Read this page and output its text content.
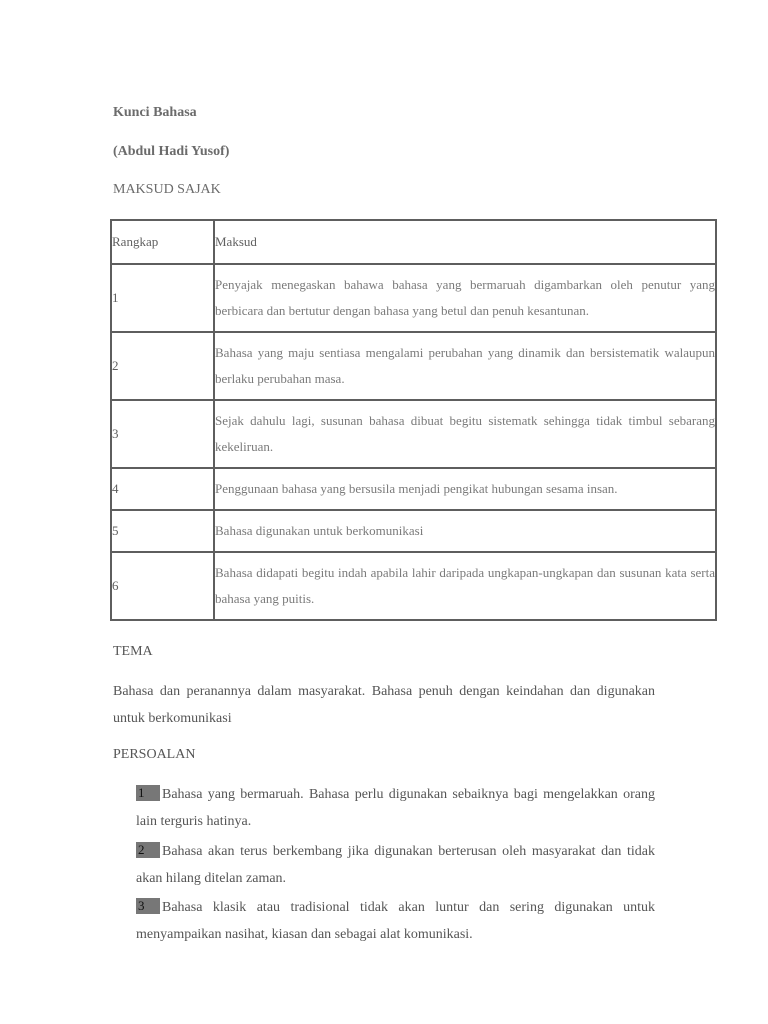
Kunci Bahasa
(Abdul Hadi Yusof)
MAKSUD SAJAK
Rangkap	Maksud
1	Penyajak menegaskan bahawa bahasa yang bermaruah digambarkan oleh penutur yang berbicara dan bertutur dengan bahasa yang betul dan penuh kesantunan.
2	Bahasa yang maju sentiasa mengalami perubahan yang dinamik dan bersistematik walaupun berlaku perubahan masa.
3	Sejak dahulu lagi, susunan bahasa dibuat begitu sistematk sehingga tidak timbul sebarang kekeliruan.
4	Penggunaan bahasa yang bersusila menjadi pengikat hubungan sesama insan.
5	Bahasa digunakan untuk berkomunikasi
6	Bahasa didapati begitu indah apabila lahir daripada ungkapan-ungkapan dan susunan kata serta bahasa yang puitis.
TEMA
Bahasa dan peranannya dalam masyarakat. Bahasa penuh dengan keindahan dan digunakan untuk berkomunikasi
PERSOALAN
1 Bahasa yang bermaruah. Bahasa perlu digunakan sebaiknya bagi mengelakkan orang lain terguris hatinya.
2 Bahasa akan terus berkembang jika digunakan berterusan oleh masyarakat dan tidak akan hilang ditelan zaman.
3 Bahasa klasik atau tradisional tidak akan luntur dan sering digunakan untuk menyampaikan nasihat, kiasan dan sebagai alat komunikasi.
